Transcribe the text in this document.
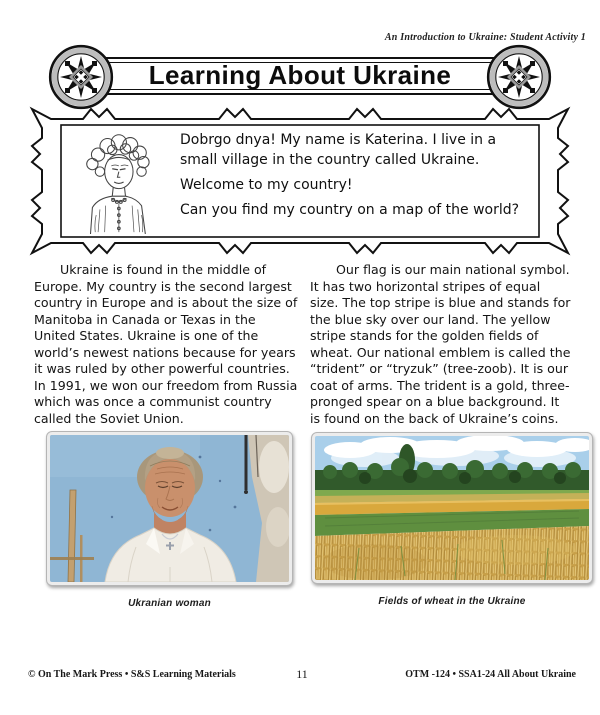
An Introduction to Ukraine: Student Activity 1
Learning About Ukraine

Dobrgo dnya! My name is Katerina. I live in a small village in the country called Ukraine.

Welcome to my country!

Can you find my country on a map of the world?

Ukraine is found in the middle of Europe. My country is the second largest country in Europe and is about the size of Manitoba in Canada or Texas in the United States. Ukraine is one of the world’s newest nations because for years it was ruled by other powerful countries. In 1991, we won our freedom from Russia which was once a communist country called the Soviet Union.

Ukranian woman

Our flag is our main national symbol. It has two horizontal stripes of equal size. The top stripe is blue and stands for the blue sky over our land. The yellow stripe stands for the golden fields of wheat. Our national emblem is called the “trident” or “tryzuk” (tree-zoob). It is our coat of arms. The trident is a gold, three-pronged spear on a blue background. It is found on the back of Ukraine’s coins.

Fields of wheat in the Ukraine
© On The Mark Press • S&S Learning Materials	11	OTM -124 • SSA1-24 All About Ukraine
